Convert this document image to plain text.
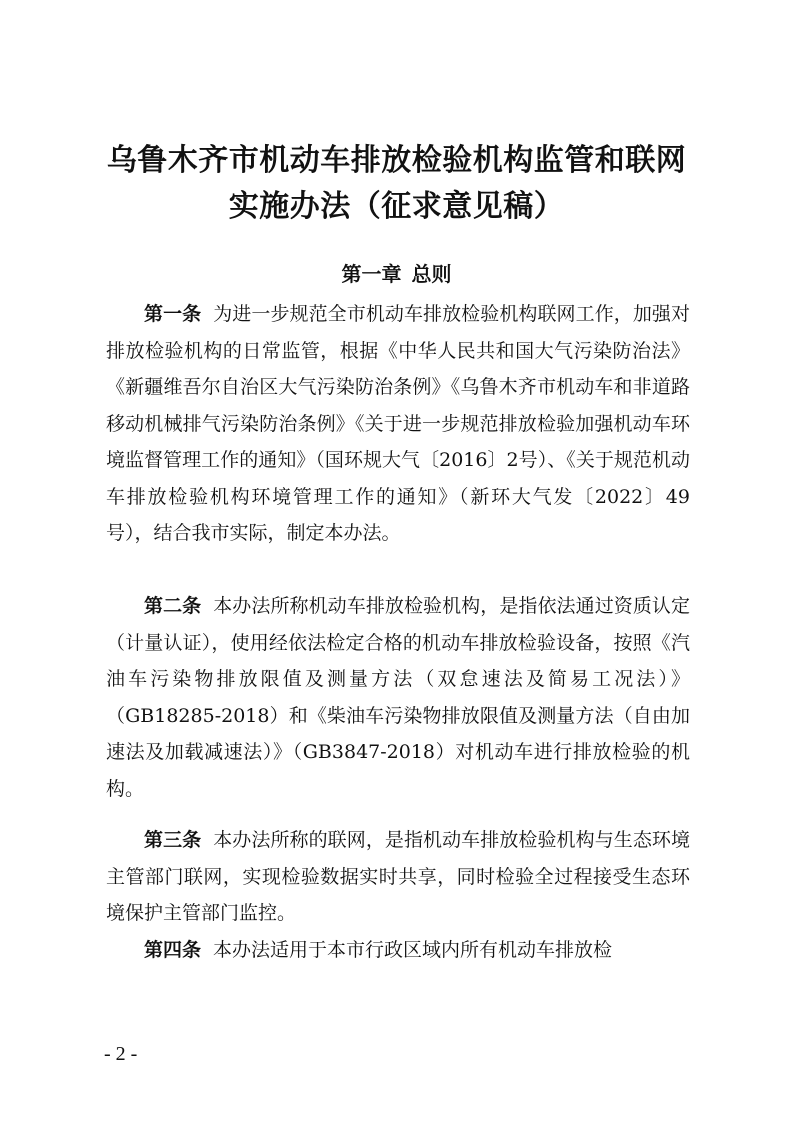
乌鲁木齐市机动车排放检验机构监管和联网
实施办法（征求意见稿）
第一章 总则

第一条 为进一步规范全市机动车排放检验机构联网工作，加强对排放检验机构的日常监管，根据《中华人民共和国大气污染防治法》《新疆维吾尔自治区大气污染防治条例》《乌鲁木齐市机动车和非道路移动机械排气污染防治条例》《关于进一步规范排放检验加强机动车环境监督管理工作的通知》（国环规大气〔2016〕2号）、《关于规范机动车排放检验机构环境管理工作的通知》（新环大气发〔2022〕49号），结合我市实际，制定本办法。

第二条 本办法所称机动车排放检验机构，是指依法通过资质认定（计量认证），使用经依法检定合格的机动车排放检验设备，按照《汽油车污染物排放限值及测量方法（双怠速法及简易工况法）》（GB18285-2018）和《柴油车污染物排放限值及测量方法（自由加速法及加载减速法）》（GB3847-2018）对机动车进行排放检验的机构。

第三条 本办法所称的联网，是指机动车排放检验机构与生态环境主管部门联网，实现检验数据实时共享，同时检验全过程接受生态环境保护主管部门监控。

第四条 本办法适用于本市行政区域内所有机动车排放检

- 2 -
